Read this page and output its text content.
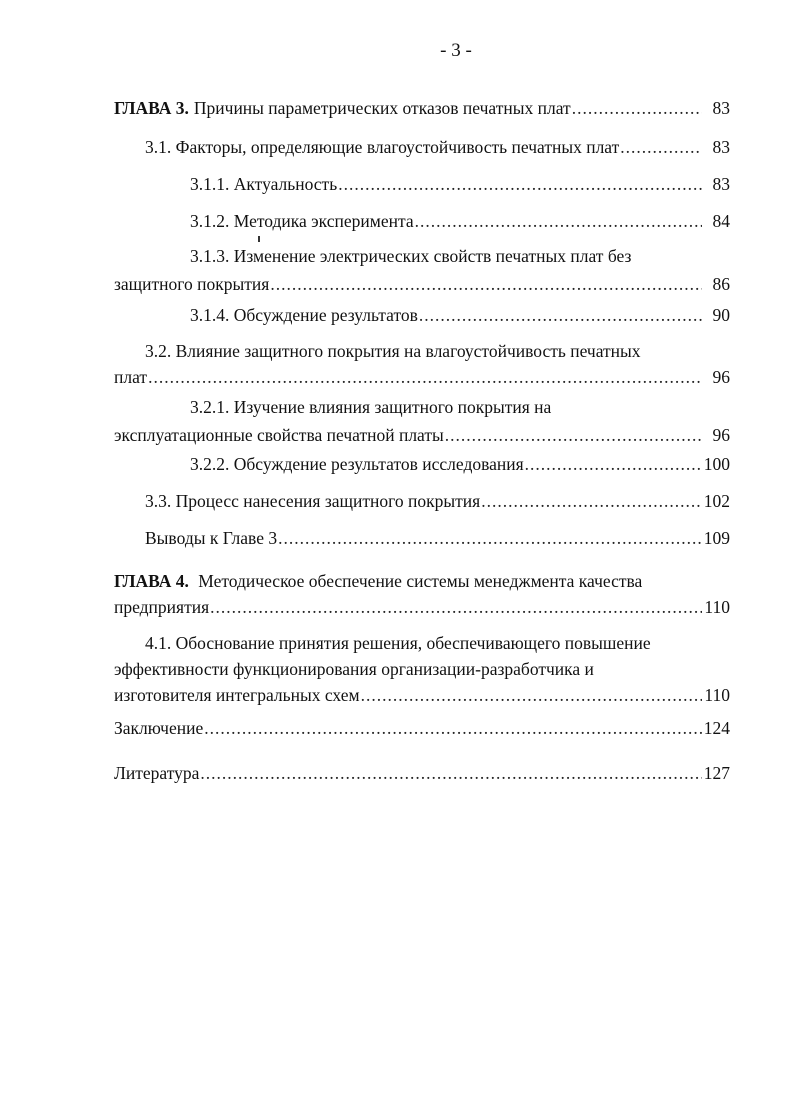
- 3 -
ГЛАВА 3. Причины параметрических отказов печатных плат .....	83
3.1. Факторы, определяющие влагоустойчивость печатных плат .....	83
3.1.1. Актуальность .....	83
3.1.2. Методика эксперимента .....	84
3.1.3. Изменение электрических свойств печатных плат без
защитного покрытия .....	86
3.1.4. Обсуждение результатов .....	90
3.2. Влияние защитного покрытия на влагоустойчивость печатных
плат .....	96
3.2.1. Изучение влияния защитного покрытия на
эксплуатационные свойства печатной платы .....	96
3.2.2. Обсуждение результатов исследования .....	100
3.3. Процесс нанесения защитного покрытия .....	102
Выводы к Главе 3 .....	109
ГЛАВА 4. Методическое обеспечение системы менеджмента качества
предприятия .....	110
4.1. Обоснование принятия решения, обеспечивающего повышение
эффективности функционирования организации-разработчика и
изготовителя интегральных схем .....	110
Заключение .....	124
Литература .....	127
